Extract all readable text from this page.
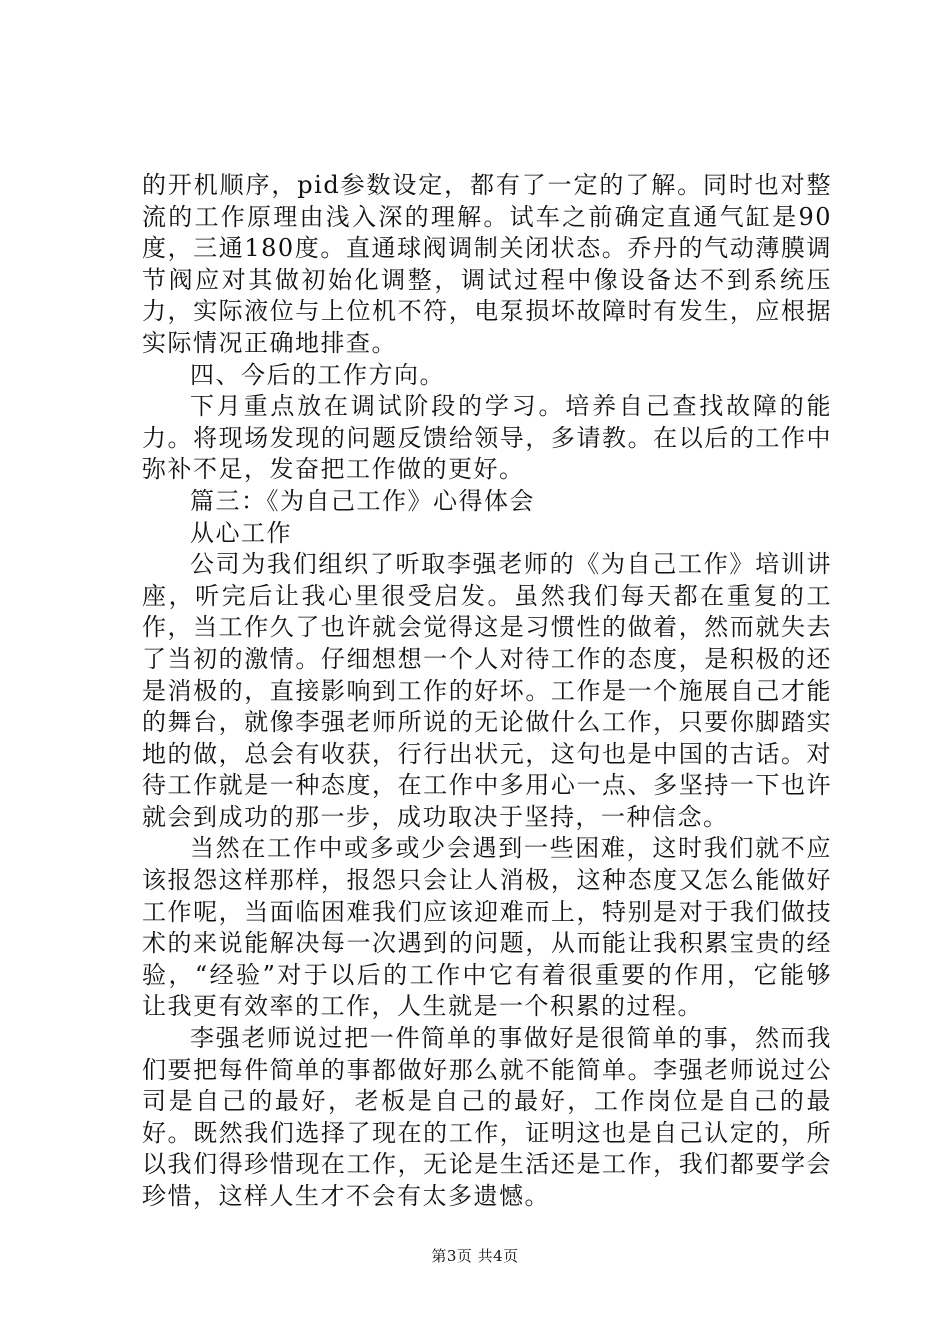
的开机顺序，pid参数设定，都有了一定的了解。同时也对整流的工作原理由浅入深的理解。试车之前确定直通气缸是90度，三通180度。直通球阀调制关闭状态。乔丹的气动薄膜调节阀应对其做初始化调整，调试过程中像设备达不到系统压力，实际液位与上位机不符，电泵损坏故障时有发生，应根据实际情况正确地排查。

四、今后的工作方向。

下月重点放在调试阶段的学习。培养自己查找故障的能力。将现场发现的问题反馈给领导，多请教。在以后的工作中弥补不足，发奋把工作做的更好。

篇三：《为自己工作》心得体会

从心工作

公司为我们组织了听取李强老师的《为自己工作》培训讲座，听完后让我心里很受启发。虽然我们每天都在重复的工作，当工作久了也许就会觉得这是习惯性的做着，然而就失去了当初的激情。仔细想想一个人对待工作的态度，是积极的还是消极的，直接影响到工作的好坏。工作是一个施展自己才能的舞台，就像李强老师所说的无论做什么工作，只要你脚踏实地的做，总会有收获，行行出状元，这句也是中国的古话。对待工作就是一种态度，在工作中多用心一点、多坚持一下也许就会到成功的那一步，成功取决于坚持，一种信念。

当然在工作中或多或少会遇到一些困难，这时我们就不应该报怨这样那样，报怨只会让人消极，这种态度又怎么能做好工作呢，当面临困难我们应该迎难而上，特别是对于我们做技术的来说能解决每一次遇到的问题，从而能让我积累宝贵的经验，“经验”对于以后的工作中它有着很重要的作用，它能够让我更有效率的工作，人生就是一个积累的过程。

李强老师说过把一件简单的事做好是很简单的事，然而我们要把每件简单的事都做好那么就不能简单。李强老师说过公司是自己的最好，老板是自己的最好，工作岗位是自己的最好。既然我们选择了现在的工作，证明这也是自己认定的，所以我们得珍惜现在工作，无论是生活还是工作，我们都要学会珍惜，这样人生才不会有太多遗憾。

第3页 共4页
